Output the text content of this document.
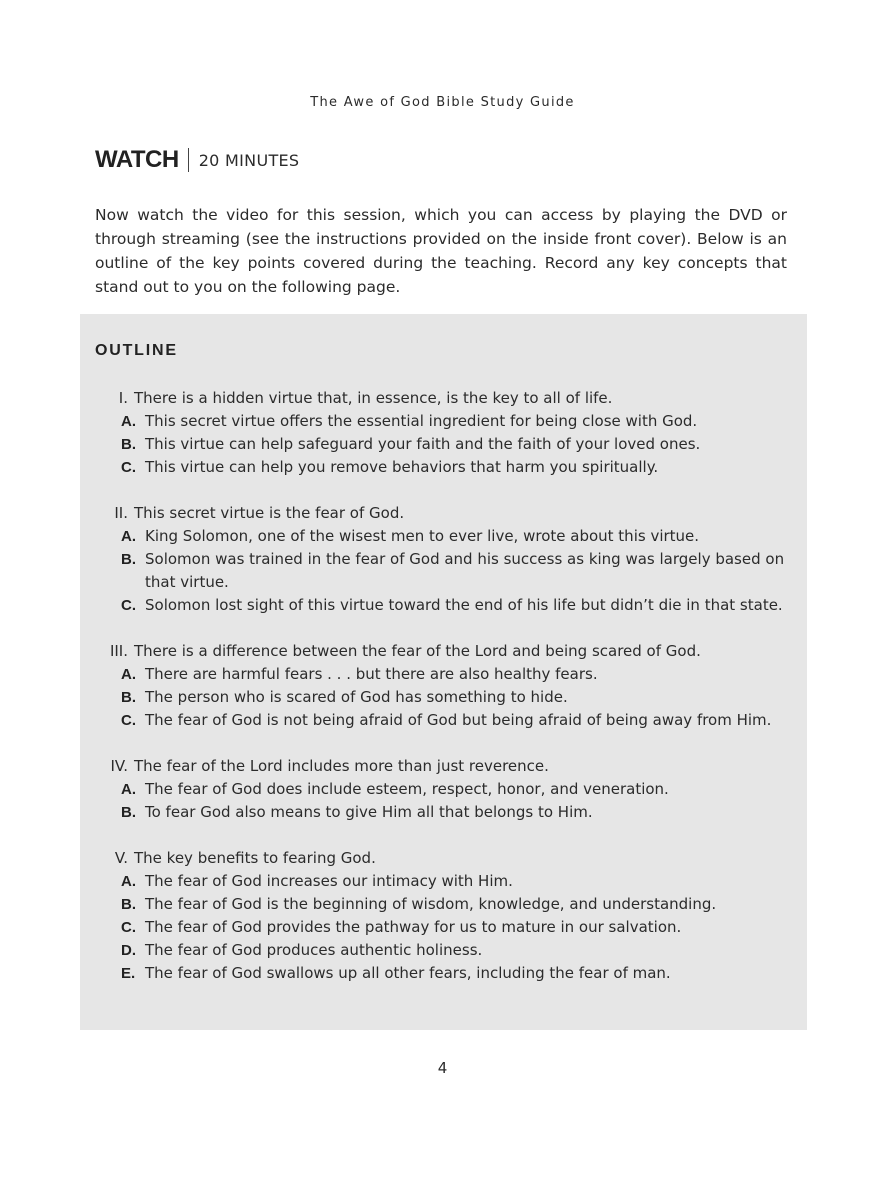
The Awe of God Bible Study Guide
WATCH 20 MINUTES
Now watch the video for this session, which you can access by playing the DVD or through streaming (see the instructions provided on the inside front cover). Below is an outline of the key points covered during the teaching. Record any key concepts that stand out to you on the following page.
OUTLINE
I. There is a hidden virtue that, in essence, is the key to all of life.
A. This secret virtue offers the essential ingredient for being close with God.
B. This virtue can help safeguard your faith and the faith of your loved ones.
C. This virtue can help you remove behaviors that harm you spiritually.
II. This secret virtue is the fear of God.
A. King Solomon, one of the wisest men to ever live, wrote about this virtue.
B. Solomon was trained in the fear of God and his success as king was largely based on that virtue.
C. Solomon lost sight of this virtue toward the end of his life but didn’t die in that state.
III. There is a difference between the fear of the Lord and being scared of God.
A. There are harmful fears . . . but there are also healthy fears.
B. The person who is scared of God has something to hide.
C. The fear of God is not being afraid of God but being afraid of being away from Him.
IV. The fear of the Lord includes more than just reverence.
A. The fear of God does include esteem, respect, honor, and veneration.
B. To fear God also means to give Him all that belongs to Him.
V. The key benefits to fearing God.
A. The fear of God increases our intimacy with Him.
B. The fear of God is the beginning of wisdom, knowledge, and understanding.
C. The fear of God provides the pathway for us to mature in our salvation.
D. The fear of God produces authentic holiness.
E. The fear of God swallows up all other fears, including the fear of man.
4
